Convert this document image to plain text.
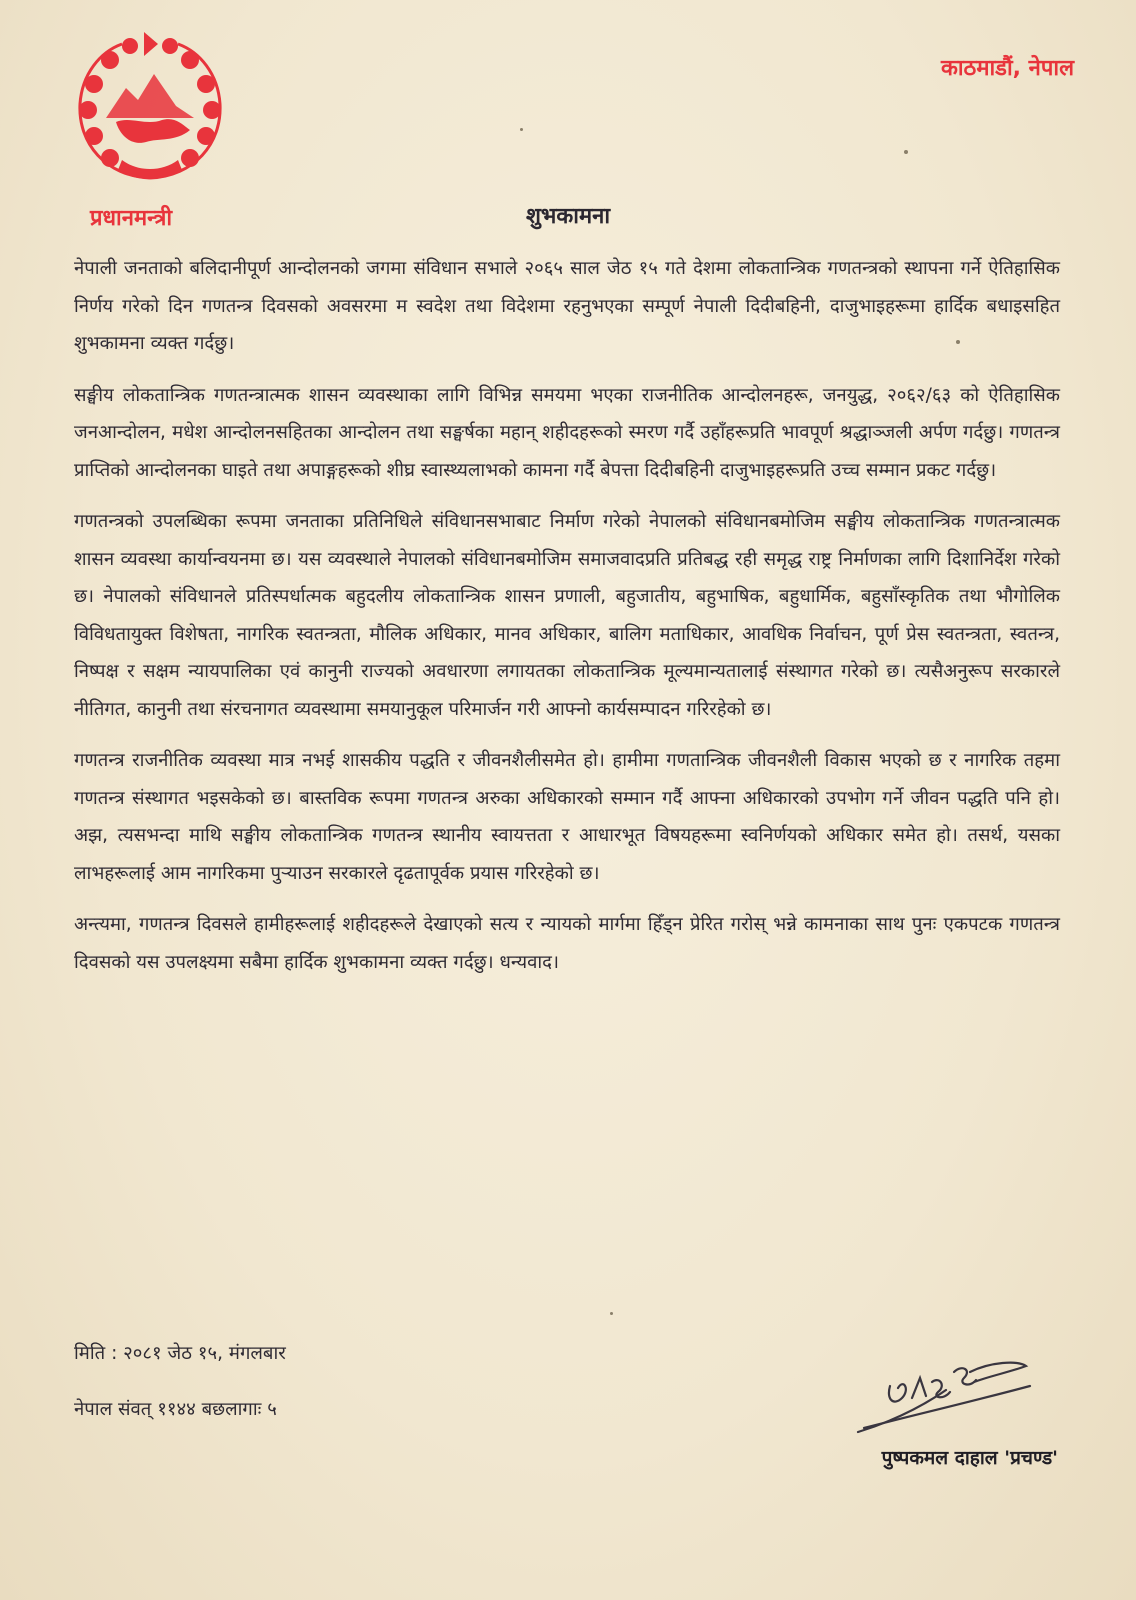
प्रधानमन्त्री
काठमाडौं, नेपाल
शुभकामना

नेपाली जनताको बलिदानीपूर्ण आन्दोलनको जगमा संविधान सभाले २०६५ साल जेठ १५ गते देशमा लोकतान्त्रिक गणतन्त्रको स्थापना गर्ने ऐतिहासिक निर्णय गरेको दिन गणतन्त्र दिवसको अवसरमा म स्वदेश तथा विदेशमा रहनुभएका सम्पूर्ण नेपाली दिदीबहिनी, दाजुभाइहरूमा हार्दिक बधाइसहित शुभकामना व्यक्त गर्दछु।

सङ्घीय लोकतान्त्रिक गणतन्त्रात्मक शासन व्यवस्थाका लागि विभिन्न समयमा भएका राजनीतिक आन्दोलनहरू, जनयुद्ध, २०६२/६३ को ऐतिहासिक जनआन्दोलन, मधेश आन्दोलनसहितका आन्दोलन तथा सङ्घर्षका महान् शहीदहरूको स्मरण गर्दै उहाँहरूप्रति भावपूर्ण श्रद्धाञ्जली अर्पण गर्दछु। गणतन्त्र प्राप्तिको आन्दोलनका घाइते तथा अपाङ्गहरूको शीघ्र स्वास्थ्यलाभको कामना गर्दै बेपत्ता दिदीबहिनी दाजुभाइहरूप्रति उच्च सम्मान प्रकट गर्दछु।

गणतन्त्रको उपलब्धिका रूपमा जनताका प्रतिनिधिले संविधानसभाबाट निर्माण गरेको नेपालको संविधानबमोजिम सङ्घीय लोकतान्त्रिक गणतन्त्रात्मक शासन व्यवस्था कार्यान्वयनमा छ। यस व्यवस्थाले नेपालको संविधानबमोजिम समाजवादप्रति प्रतिबद्ध रही समृद्ध राष्ट्र निर्माणका लागि दिशानिर्देश गरेको छ। नेपालको संविधानले प्रतिस्पर्धात्मक बहुदलीय लोकतान्त्रिक शासन प्रणाली, बहुजातीय, बहुभाषिक, बहुधार्मिक, बहुसाँस्कृतिक तथा भौगोलिक विविधतायुक्त विशेषता, नागरिक स्वतन्त्रता, मौलिक अधिकार, मानव अधिकार, बालिग मताधिकार, आवधिक निर्वाचन, पूर्ण प्रेस स्वतन्त्रता, स्वतन्त्र, निष्पक्ष र सक्षम न्यायपालिका एवं कानुनी राज्यको अवधारणा लगायतका लोकतान्त्रिक मूल्यमान्यतालाई संस्थागत गरेको छ। त्यसैअनुरूप सरकारले नीतिगत, कानुनी तथा संरचनागत व्यवस्थामा समयानुकूल परिमार्जन गरी आफ्नो कार्यसम्पादन गरिरहेको छ।

गणतन्त्र राजनीतिक व्यवस्था मात्र नभई शासकीय पद्धति र जीवनशैलीसमेत हो। हामीमा गणतान्त्रिक जीवनशैली विकास भएको छ र नागरिक तहमा गणतन्त्र संस्थागत भइसकेको छ। बास्तविक रूपमा गणतन्त्र अरुका अधिकारको सम्मान गर्दै आफ्ना अधिकारको उपभोग गर्ने जीवन पद्धति पनि हो। अझ, त्यसभन्दा माथि सङ्घीय लोकतान्त्रिक गणतन्त्र स्थानीय स्वायत्तता र आधारभूत विषयहरूमा स्वनिर्णयको अधिकार समेत हो। तसर्थ, यसका लाभहरूलाई आम नागरिकमा पुऱ्याउन सरकारले दृढतापूर्वक प्रयास गरिरहेको छ।

अन्त्यमा, गणतन्त्र दिवसले हामीहरूलाई शहीदहरूले देखाएको सत्य र न्यायको मार्गमा हिँड्न प्रेरित गरोस् भन्ने कामनाका साथ पुनः एकपटक गणतन्त्र दिवसको यस उपलक्ष्यमा सबैमा हार्दिक शुभकामना व्यक्त गर्दछु। धन्यवाद।

मिति : २०८१ जेठ १५, मंगलबार
नेपाल संवत् ११४४ बछलागाः ५
पुष्पकमल दाहाल 'प्रचण्ड'
